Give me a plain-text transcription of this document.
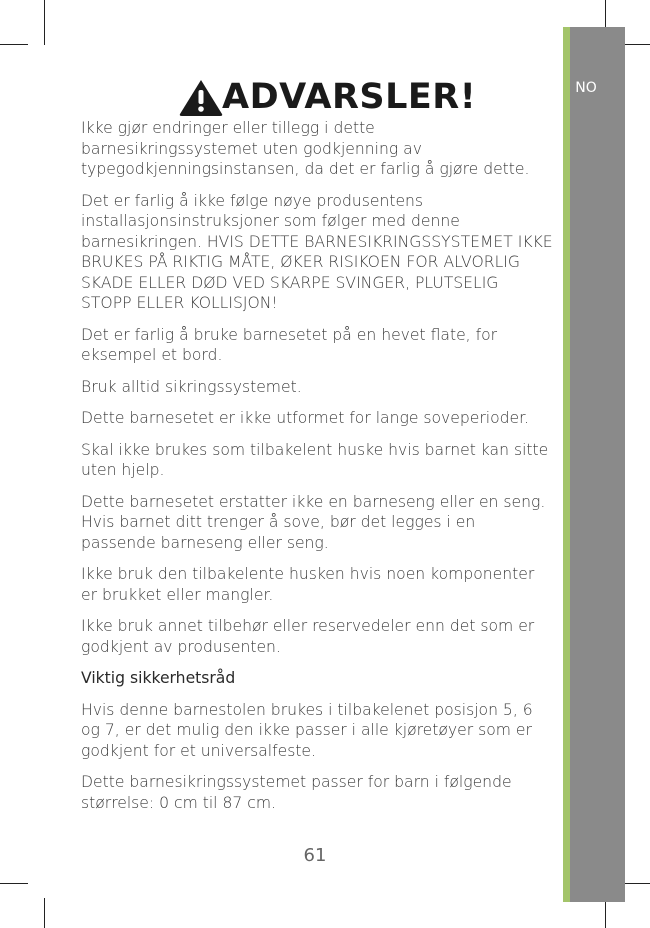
NO
ADVARSLER!

Ikke gjør endringer eller tillegg i dette barnesikringssystemet uten godkjenning av typegodkjenningsinstansen, da det er farlig å gjøre dette.

Det er farlig å ikke følge nøye produsentens installasjonsinstruksjoner som følger med denne barnesikringen. HVIS DETTE BARNESIKRINGSSYSTEMET IKKE BRUKES PÅ RIKTIG MÅTE, ØKER RISIKOEN FOR ALVORLIG SKADE ELLER DØD VED SKARPE SVINGER, PLUTSELIG STOPP ELLER KOLLISJON!

Det er farlig å bruke barnesetet på en hevet flate, for eksempel et bord.

Bruk alltid sikringssystemet.

Dette barnesetet er ikke utformet for lange soveperioder.

Skal ikke brukes som tilbakelent huske hvis barnet kan sitte uten hjelp.

Dette barnesetet erstatter ikke en barneseng eller en seng. Hvis barnet ditt trenger å sove, bør det legges i en passende barneseng eller seng.

Ikke bruk den tilbakelente husken hvis noen komponenter er brukket eller mangler.

Ikke bruk annet tilbehør eller reservedeler enn det som er godkjent av produsenten.

Viktig sikkerhetsråd

Hvis denne barnestolen brukes i tilbakelenet posisjon 5, 6 og 7, er det mulig den ikke passer i alle kjøretøyer som er godkjent for et universalfeste.

Dette barnesikringssystemet passer for barn i følgende størrelse: 0 cm til 87 cm.

61
